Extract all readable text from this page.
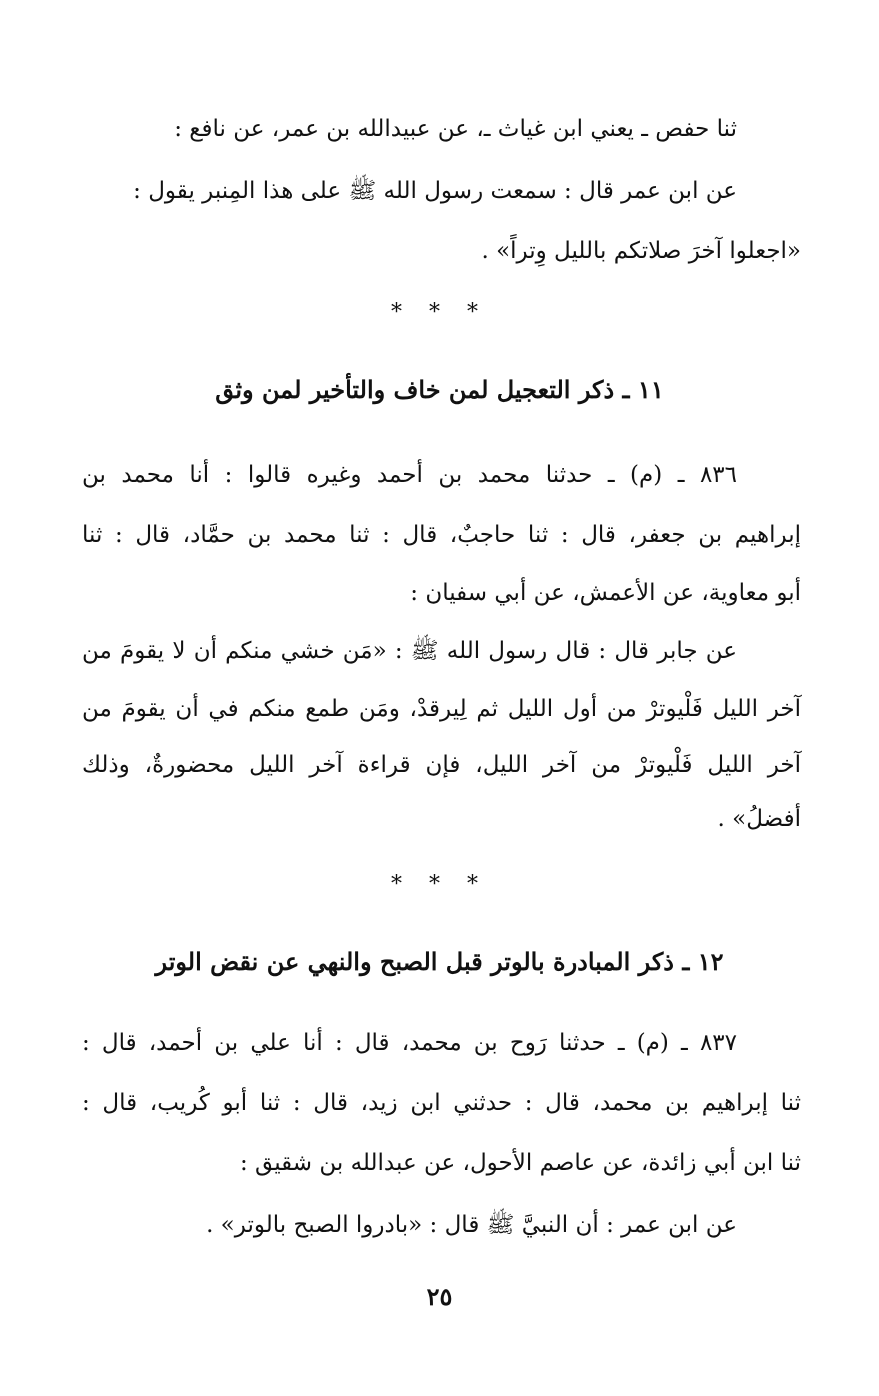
ثنا حفص ـ يعني ابن غياث ـ، عن عبيدالله بن عمر، عن نافع :
عن ابن عمر قال : سمعت رسول الله ﷺ على هذا المِنبر يقول :
«اجعلوا آخرَ صلاتكم بالليل وِتراً» .
* * *
١١ ـ ذكر التعجيل لمن خاف والتأخير لمن وثق
٨٣٦ ـ (م) ـ حدثنا محمد بن أحمد وغيره قالوا : أنا محمد بن
إبراهيم بن جعفر، قال : ثنا حاجبٌ، قال : ثنا محمد بن حمَّاد، قال : ثنا
أبو معاوية، عن الأعمش، عن أبي سفيان :
عن جابر قال : قال رسول الله ﷺ : «مَن خشي منكم أن لا يقومَ من
آخر الليل فَلْيوترْ من أول الليل ثم لِيرقدْ، ومَن طمع منكم في أن يقومَ من
آخر الليل فَلْيوترْ من آخر الليل، فإن قراءة آخر الليل محضورةٌ، وذلك
أفضلُ» .
* * *
١٢ ـ ذكر المبادرة بالوتر قبل الصبح والنهي عن نقض الوتر
٨٣٧ ـ (م) ـ حدثنا رَوح بن محمد، قال : أنا علي بن أحمد، قال :
ثنا إبراهيم بن محمد، قال : حدثني ابن زيد، قال : ثنا أبو كُريب، قال :
ثنا ابن أبي زائدة، عن عاصم الأحول، عن عبدالله بن شقيق :
عن ابن عمر : أن النبيَّ ﷺ قال : «بادروا الصبح بالوتر» .
٢٥
